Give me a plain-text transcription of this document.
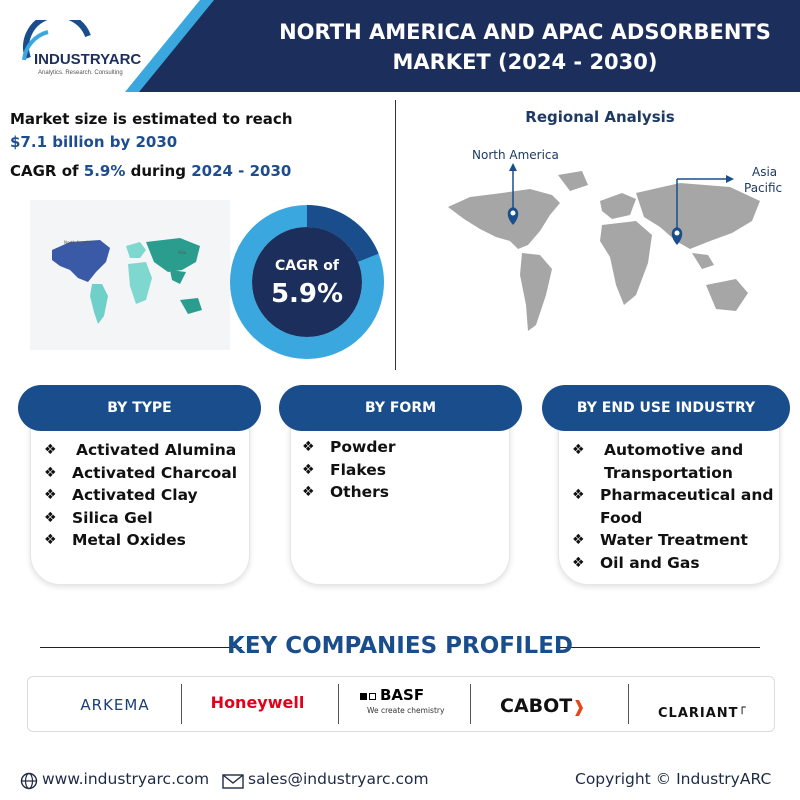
INDUSTRYARC
Analytics. Research. Consulting
NORTH AMERICA AND APAC ADSORBENTS
MARKET (2024 - 2030)
Market size is estimated to reach
$7.1 billion by 2030
CAGR of 5.9% during 2024 - 2030
North America
Asia
CAGR of
5.9%
Regional Analysis
North America
Asia
Pacific
BY TYPE	BY FORM	BY END USE INDUSTRY
❖ Activated Alumina
❖ Activated Charcoal
❖ Activated Clay
❖ Silica Gel
❖ Metal Oxides
❖ Powder
❖ Flakes
❖ Others
❖ Automotive and Transportation
❖ Pharmaceutical and Food
❖ Water Treatment
❖ Oil and Gas
KEY COMPANIES PROFILED
ARKEMA	Honeywell	BASF
We create chemistry	CABOT❱	CLARIANT┌
www.industryarc.com	sales@industryarc.com	Copyright © IndustryARC
